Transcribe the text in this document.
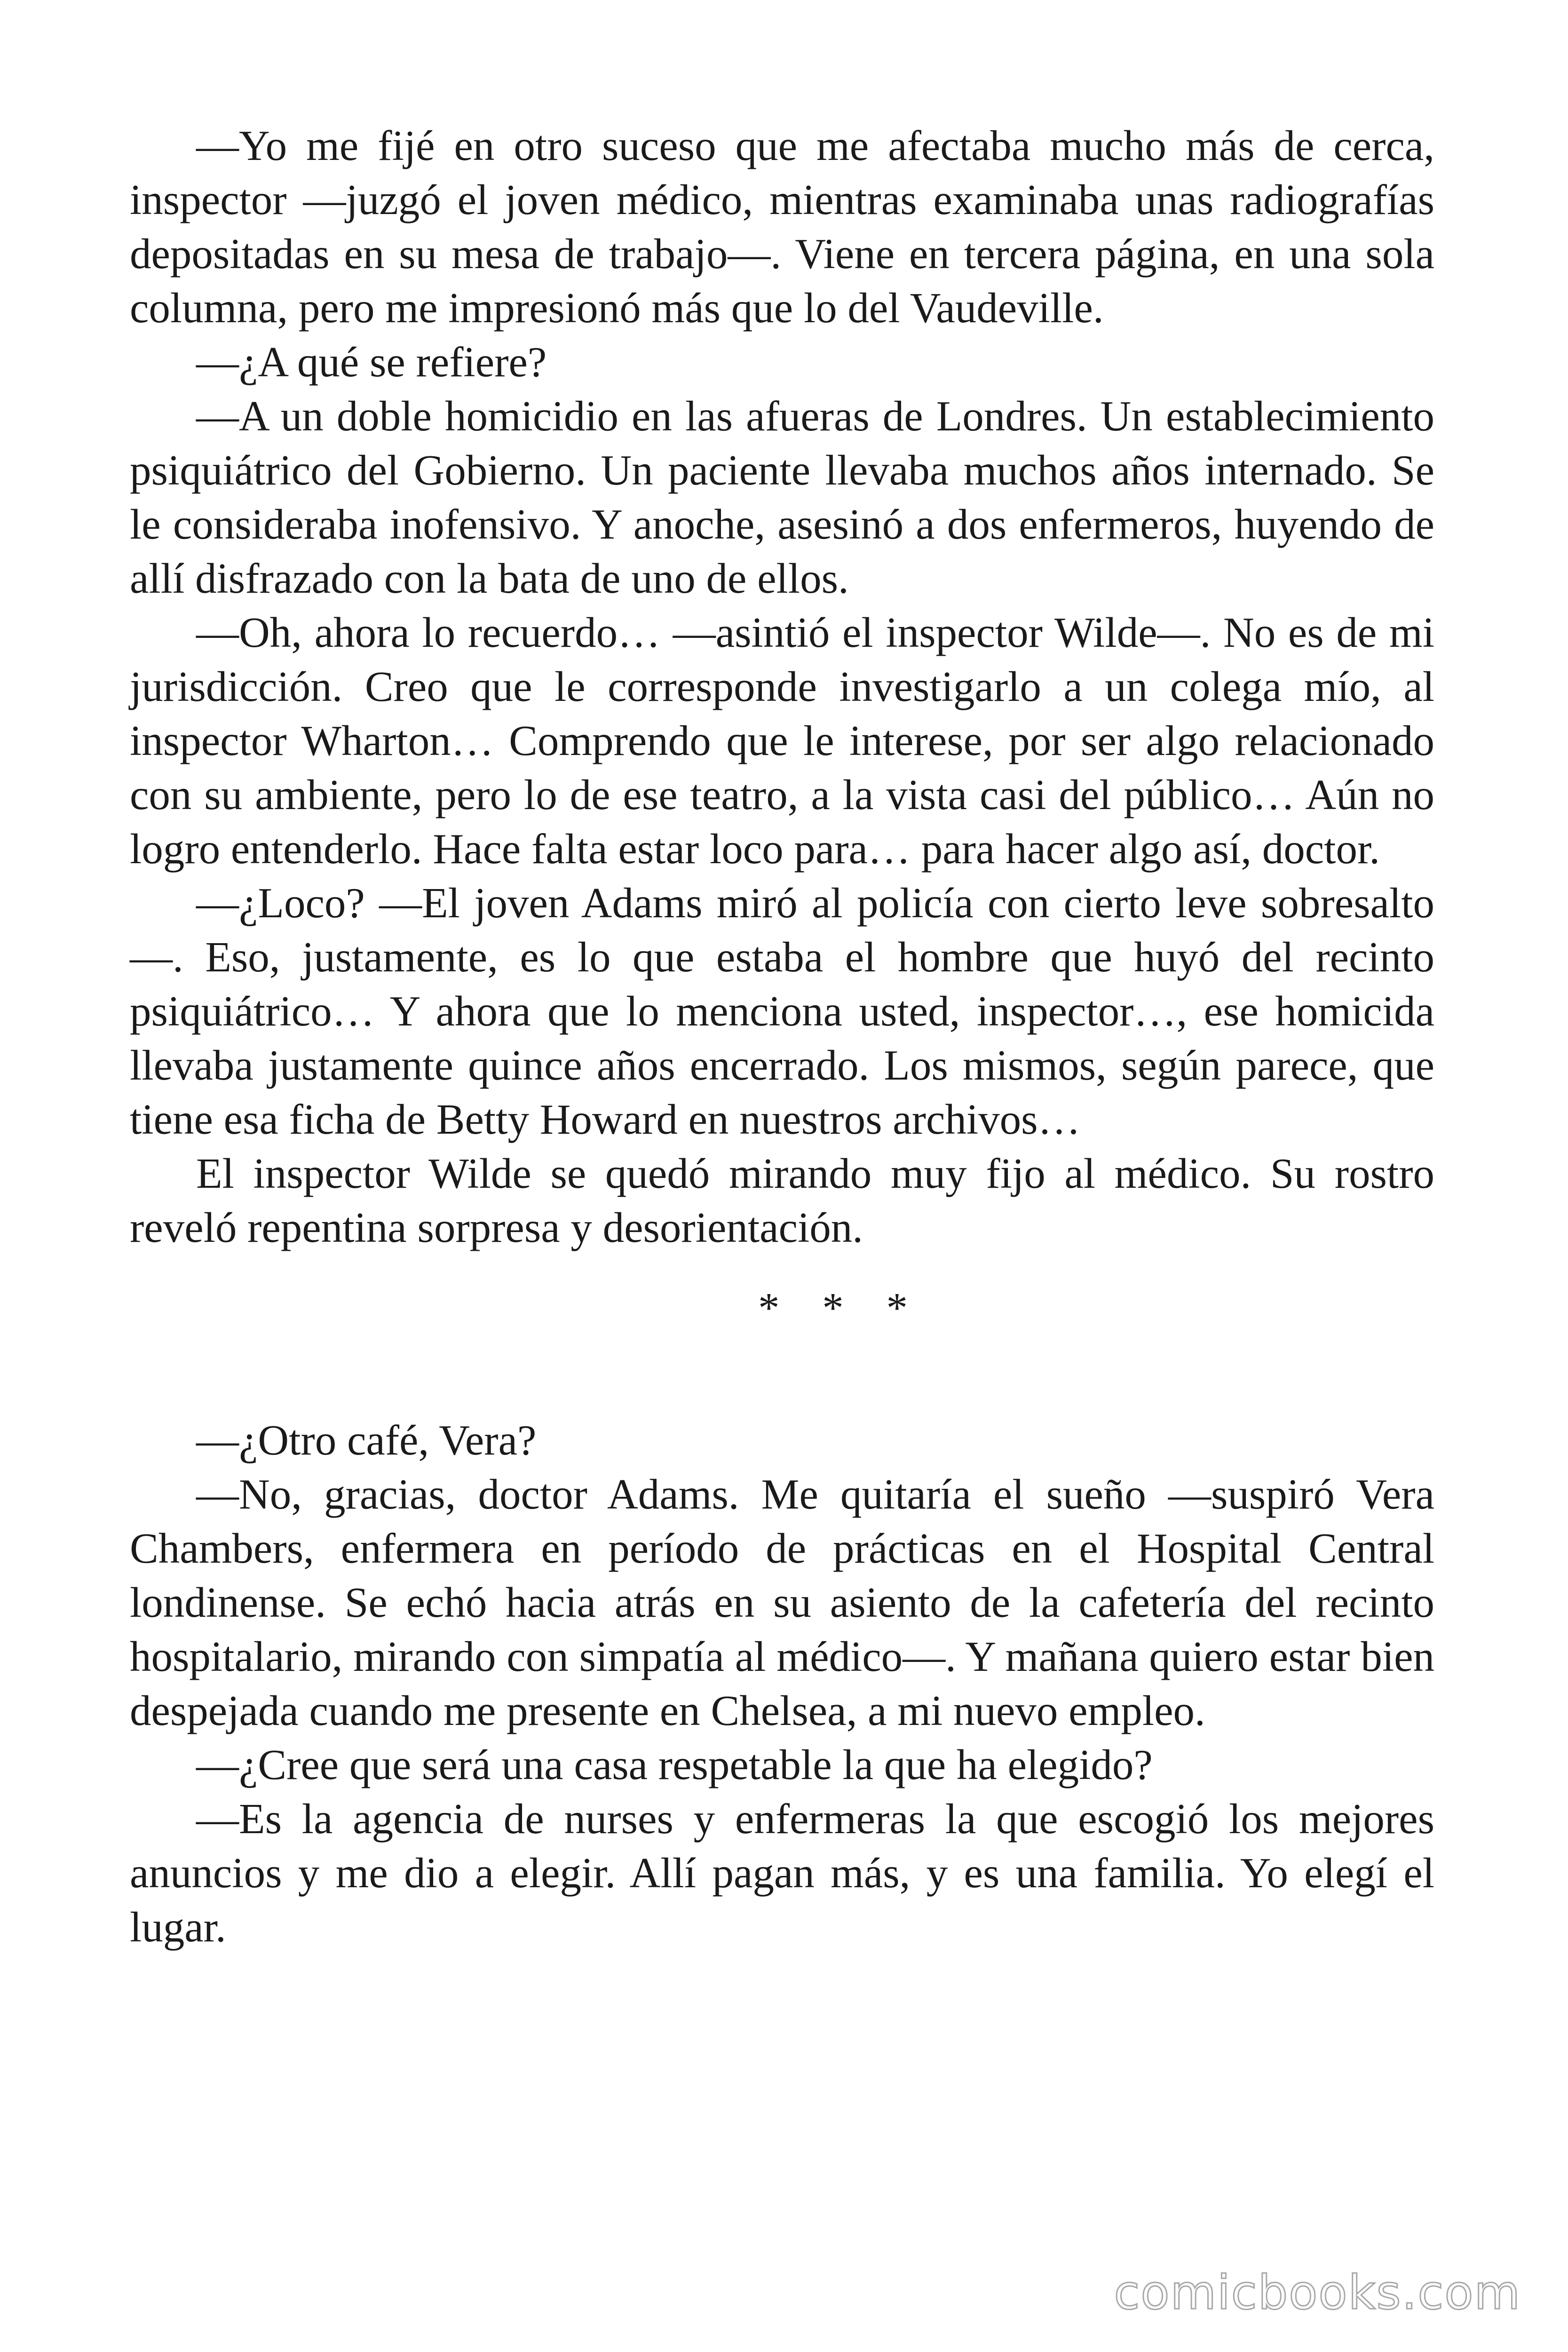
—Yo me fijé en otro suceso que me afectaba mucho más de cerca, inspector —juzgó el joven médico, mientras examinaba unas radiografías depositadas en su mesa de trabajo—. Viene en tercera página, en una sola columna, pero me impresionó más que lo del Vaudeville.

—¿A qué se refiere?

—A un doble homicidio en las afueras de Londres. Un establecimiento psiquiátrico del Gobierno. Un paciente llevaba muchos años internado. Se le consideraba inofensivo. Y anoche, asesinó a dos enfermeros, huyendo de allí disfrazado con la bata de uno de ellos.

—Oh, ahora lo recuerdo… —asintió el inspector Wilde—. No es de mi jurisdicción. Creo que le corresponde investigarlo a un colega mío, al inspector Wharton… Comprendo que le interese, por ser algo relacionado con su ambiente, pero lo de ese teatro, a la vista casi del público… Aún no logro entenderlo. Hace falta estar loco para… para hacer algo así, doctor.

—¿Loco? —El joven Adams miró al policía con cierto leve sobresalto—. Eso, justamente, es lo que estaba el hombre que huyó del recinto psiquiátrico… Y ahora que lo menciona usted, inspector…, ese homicida llevaba justamente quince años encerrado. Los mismos, según parece, que tiene esa ficha de Betty Howard en nuestros archivos…

El inspector Wilde se quedó mirando muy fijo al médico. Su rostro reveló repentina sorpresa y desorientación.

* * *

—¿Otro café, Vera?

—No, gracias, doctor Adams. Me quitaría el sueño —suspiró Vera Chambers, enfermera en período de prácticas en el Hospital Central londinense. Se echó hacia atrás en su asiento de la cafetería del recinto hospitalario, mirando con simpatía al médico—. Y mañana quiero estar bien despejada cuando me presente en Chelsea, a mi nuevo empleo.

—¿Cree que será una casa respetable la que ha elegido?

—Es la agencia de nurses y enfermeras la que escogió los mejores anuncios y me dio a elegir. Allí pagan más, y es una familia. Yo elegí el lugar.

comicbooks.com
